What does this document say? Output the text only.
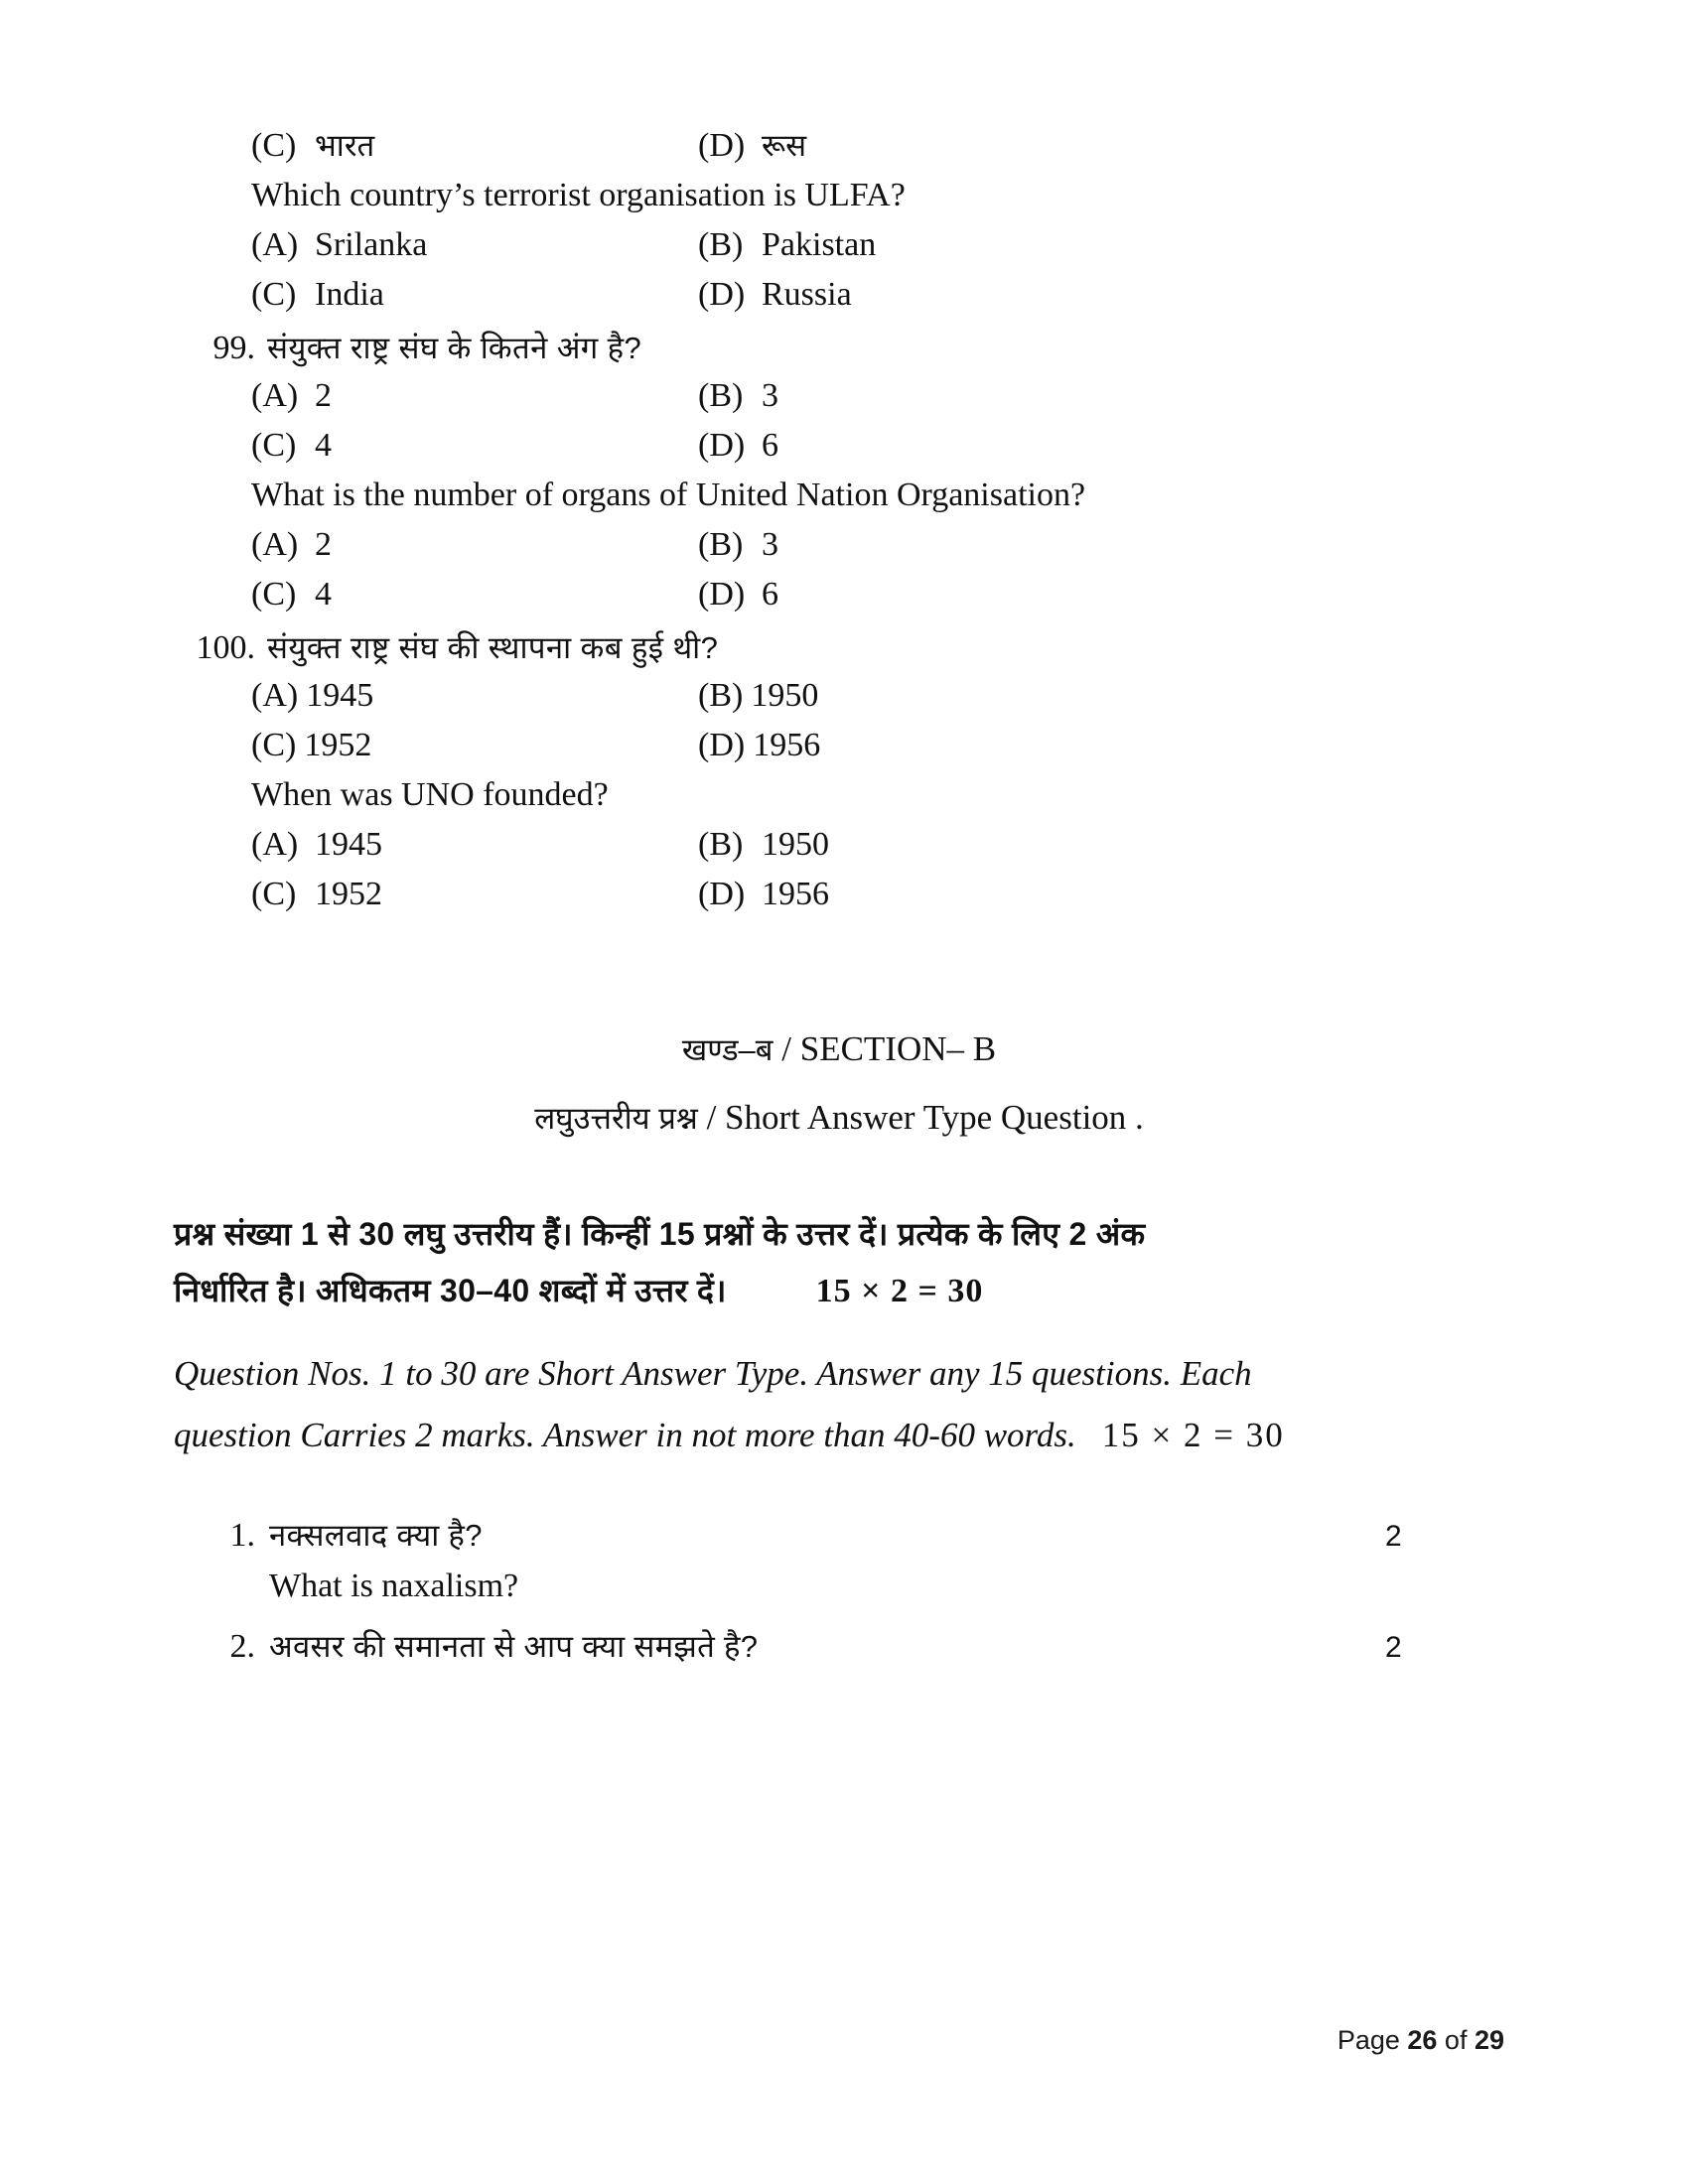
(C) भारत	(D) रूस
Which country’s terrorist organisation is ULFA?
(A) Srilanka	(B) Pakistan
(C) India	(D) Russia
99. संयुक्त राष्ट्र संघ के कितने अंग है?
(A) 2	(B) 3
(C) 4	(D) 6
What is the number of organs of United Nation Organisation?
(A) 2	(B) 3
(C) 4	(D) 6
100. संयुक्त राष्ट्र संघ की स्थापना कब हुई थी?
(A) 1945	(B) 1950
(C) 1952	(D) 1956
When was UNO founded?
(A) 1945	(B) 1950
(C) 1952	(D) 1956
खण्ड–ब / SECTION– B
लघुउत्तरीय प्रश्न / Short Answer Type Question .
प्रश्न संख्या 1 से 30 लघु उत्तरीय हैं। किन्हीं 15 प्रश्नों के उत्तर दें। प्रत्येक के लिए 2 अंक
निर्धारित है। अधिकतम 30–40 शब्दों में उत्तर दें।	15 × 2 = 30
Question Nos. 1 to 30 are Short Answer Type. Answer any 15 questions. Each
question Carries 2 marks. Answer in not more than 40-60 words. 15 × 2 = 30
1. नक्सलवाद क्या है?	2
What is naxalism?
2. अवसर की समानता से आप क्या समझते है?	2
Page 26 of 29
